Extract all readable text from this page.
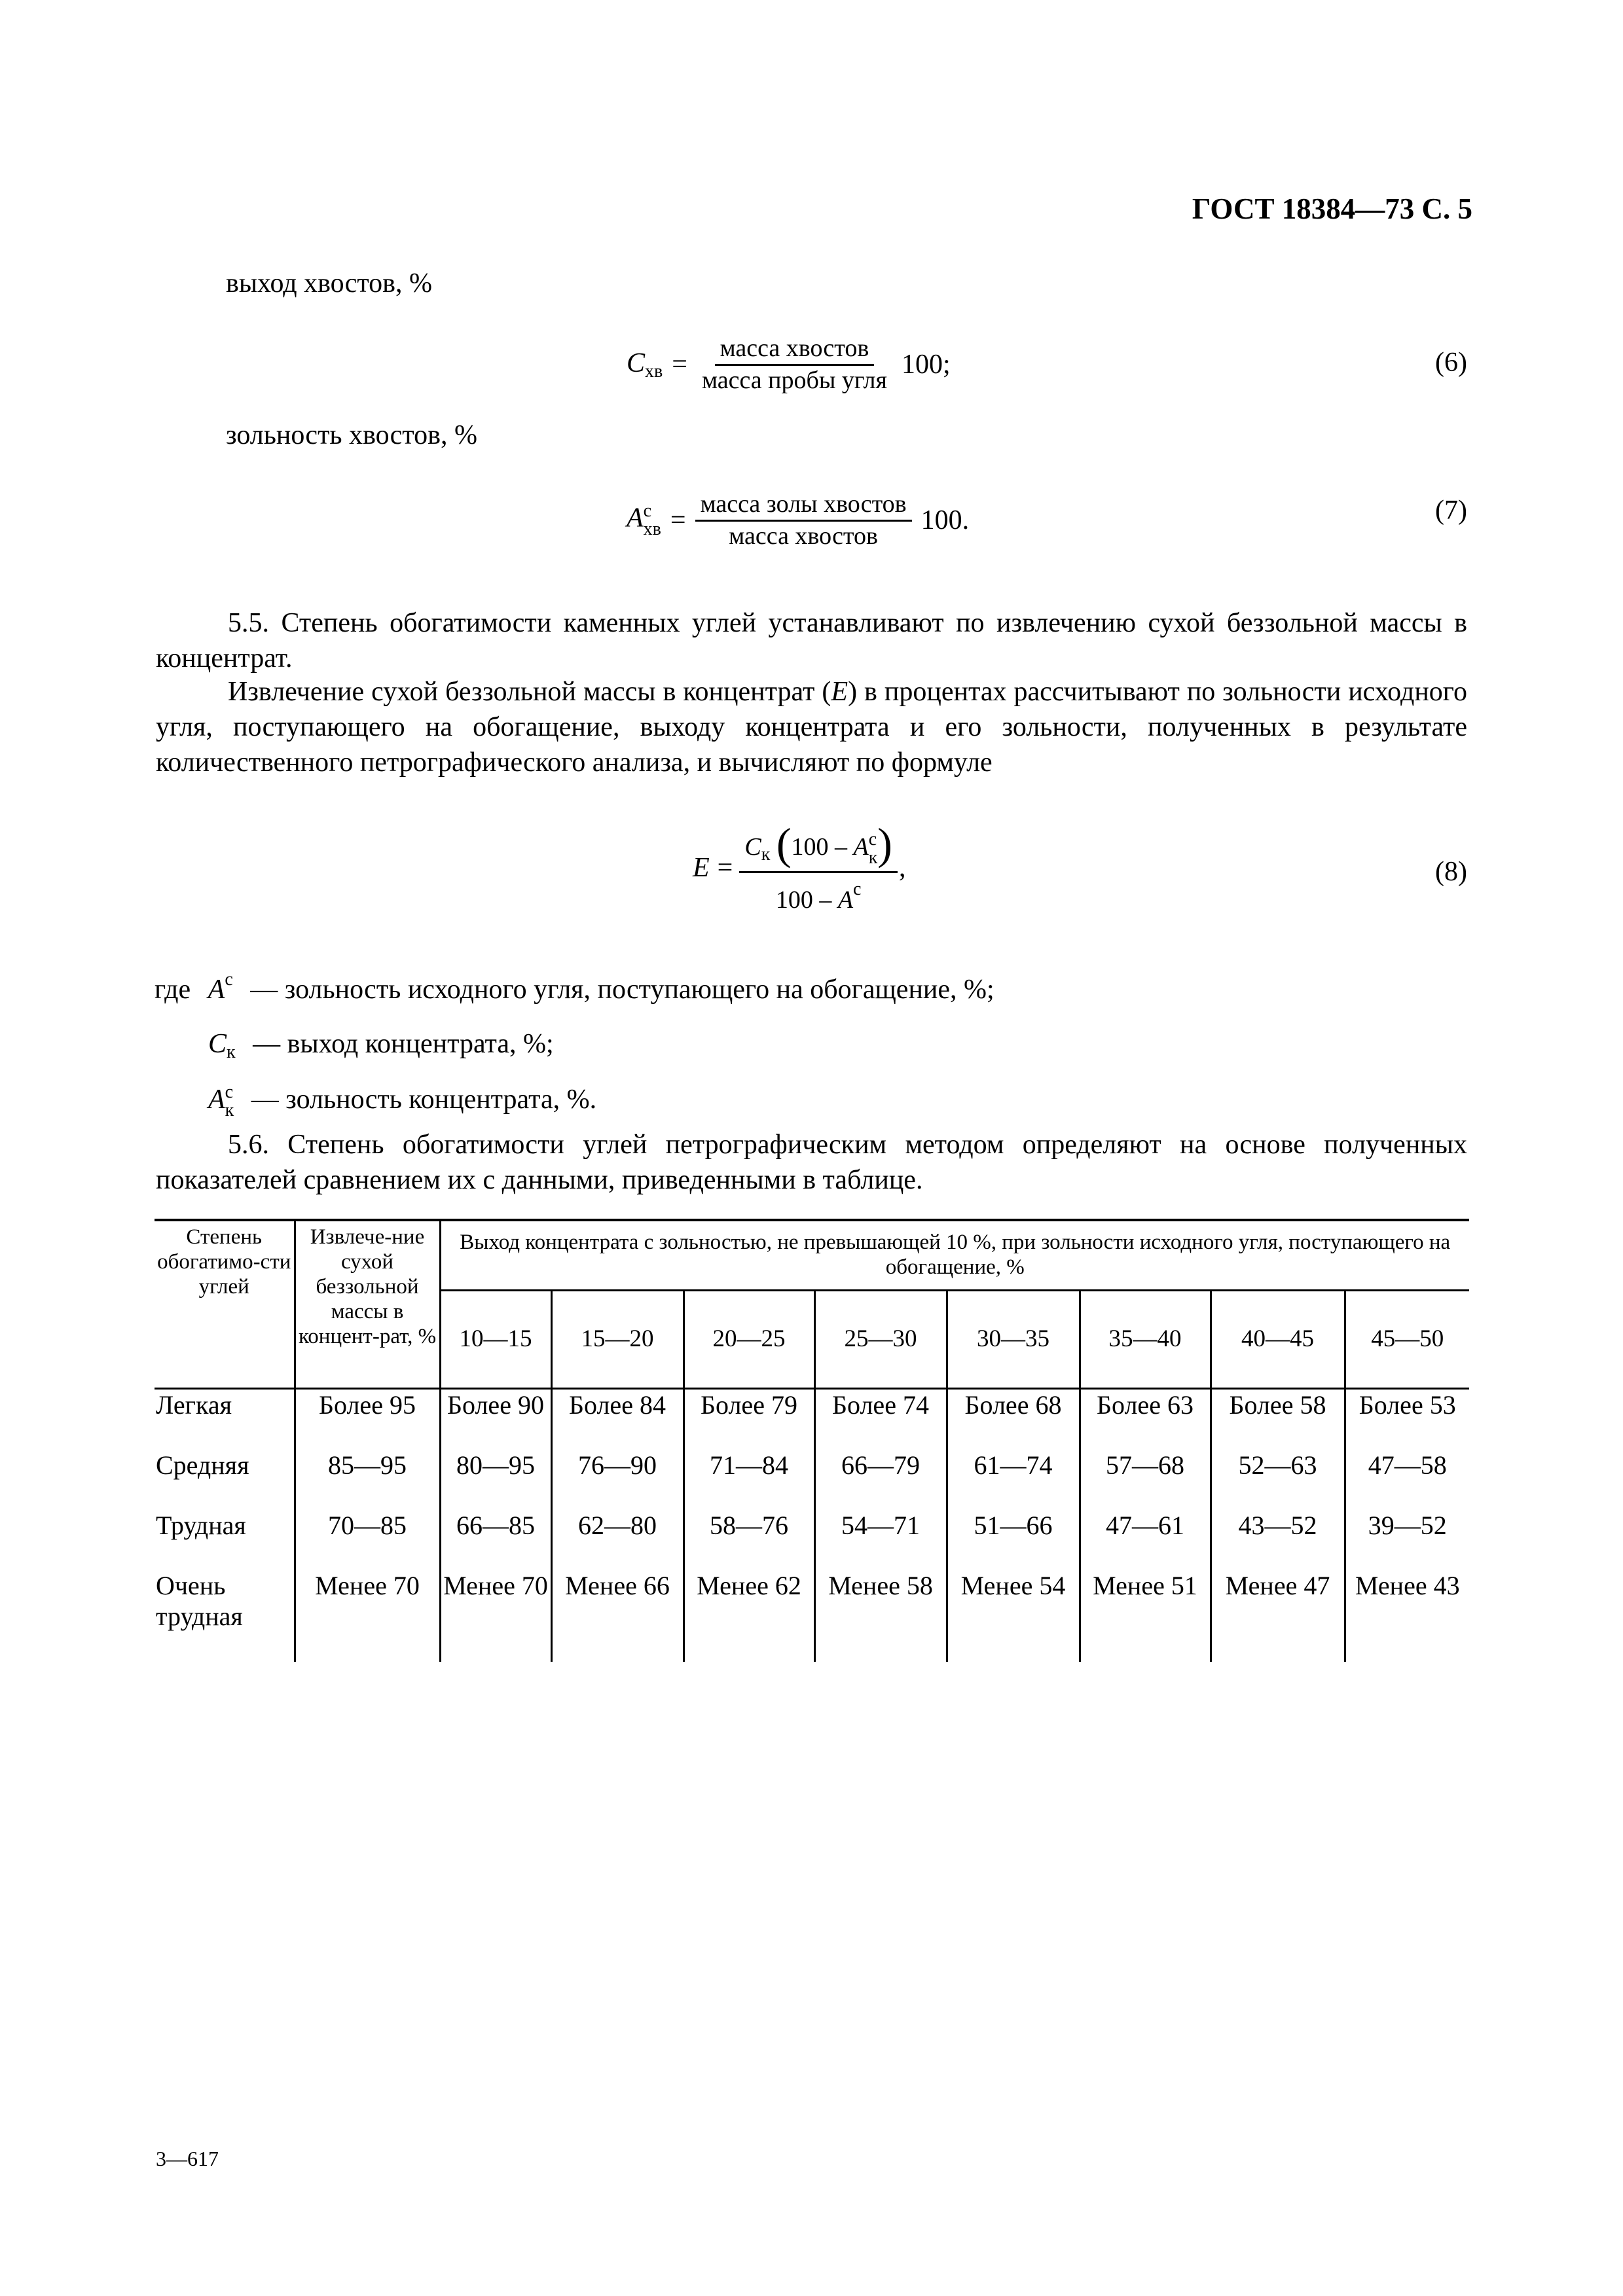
ГОСТ 18384—73 С. 5
выход хвостов, %
$C_{хв} = \frac{\text{масса хвостов}}{\text{масса пробы угля}} 100$;	(6)
зольность хвостов, %
A с
хв = $\frac{\text{масса золы хвостов}}{\text{масса хвостов}} 100$.	(7)
5.5. Степень обогатимости каменных углей устанавливают по извлечению сухой беззольной массы в концентрат.
Извлечение сухой беззольной массы в концентрат (E) в процентах рассчитывают по зольности исходного угля, поступающего на обогащение, выходу концентрата и его зольности, полученных в результате количественного петрографического анализа, и вычисляют по формуле
$E = C_к$ (100 – A с
к )
$100 - A^с$ ,	(8)
где $A^с$ — зольность исходного угля, поступающего на обогащение, %;
$C_к$ — выход концентрата, %;
A с
к — зольность концентрата, %.
5.6. Степень обогатимости углей петрографическим методом определяют на основе полученных показателей сравнением их с данными, приведенными в таблице.
Степень обогатимо-сти углей	Извлече-ние сухой беззольной массы в концент-рат, %	Выход концентрата с зольностью, не превышающей 10 %, при зольности исходного угля, поступающего на обогащение, %							
		10—15	15—20	20—25	25—30	30—35	35—40	40—45	45—50
Легкая	Более 95	Более 90	Более 84	Более 79	Более 74	Более 68	Более 63	Более 58	Более 53
Средняя	85—95	80—95	76—90	71—84	66—79	61—74	57—68	52—63	47—58
Трудная	70—85	66—85	62—80	58—76	54—71	51—66	47—61	43—52	39—52
Очень трудная	Менее 70	Менее 70	Менее 66	Менее 62	Менее 58	Менее 54	Менее 51	Менее 47	Менее 43
3—617
